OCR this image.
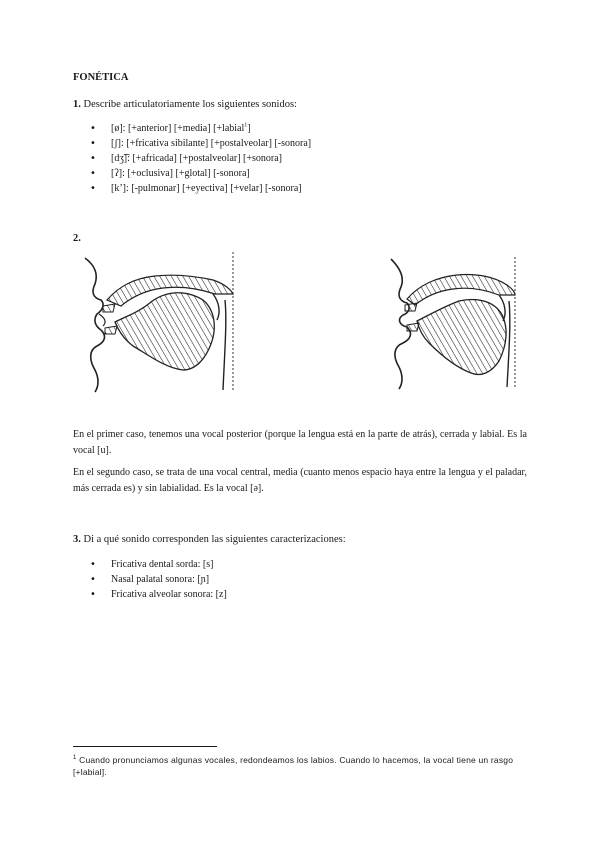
FONÉTICA
1. Describe articulatoriamente los siguientes sonidos:
• [ø]: [+anterior] [+media] [+labial$^1$]
• [ʃ]: [+fricativa sibilante] [+postalveolar] [-sonora]
• [dʒ͡]: [+africada] [+postalveolar] [+sonora]
• [ʔ]: [+oclusiva] [+glotal] [-sonora]
• [kʼ]: [-pulmonar] [+eyectiva] [+velar] [-sonora]
2.
En el primer caso, tenemos una vocal posterior (porque la lengua está en la parte de atrás), cerrada y labial. Es la vocal [u].
En el segundo caso, se trata de una vocal central, media (cuanto menos espacio haya entre la lengua y el paladar, más cerrada es) y sin labialidad. Es la vocal [ə].
3. Di a qué sonido corresponden las siguientes caracterizaciones:
• Fricativa dental sorda: [s]
• Nasal palatal sonora: [ɲ]
• Fricativa alveolar sonora: [z]
$^1$ Cuando pronunciamos algunas vocales, redondeamos los labios. Cuando lo hacemos, la vocal tiene un rasgo [+labial].
